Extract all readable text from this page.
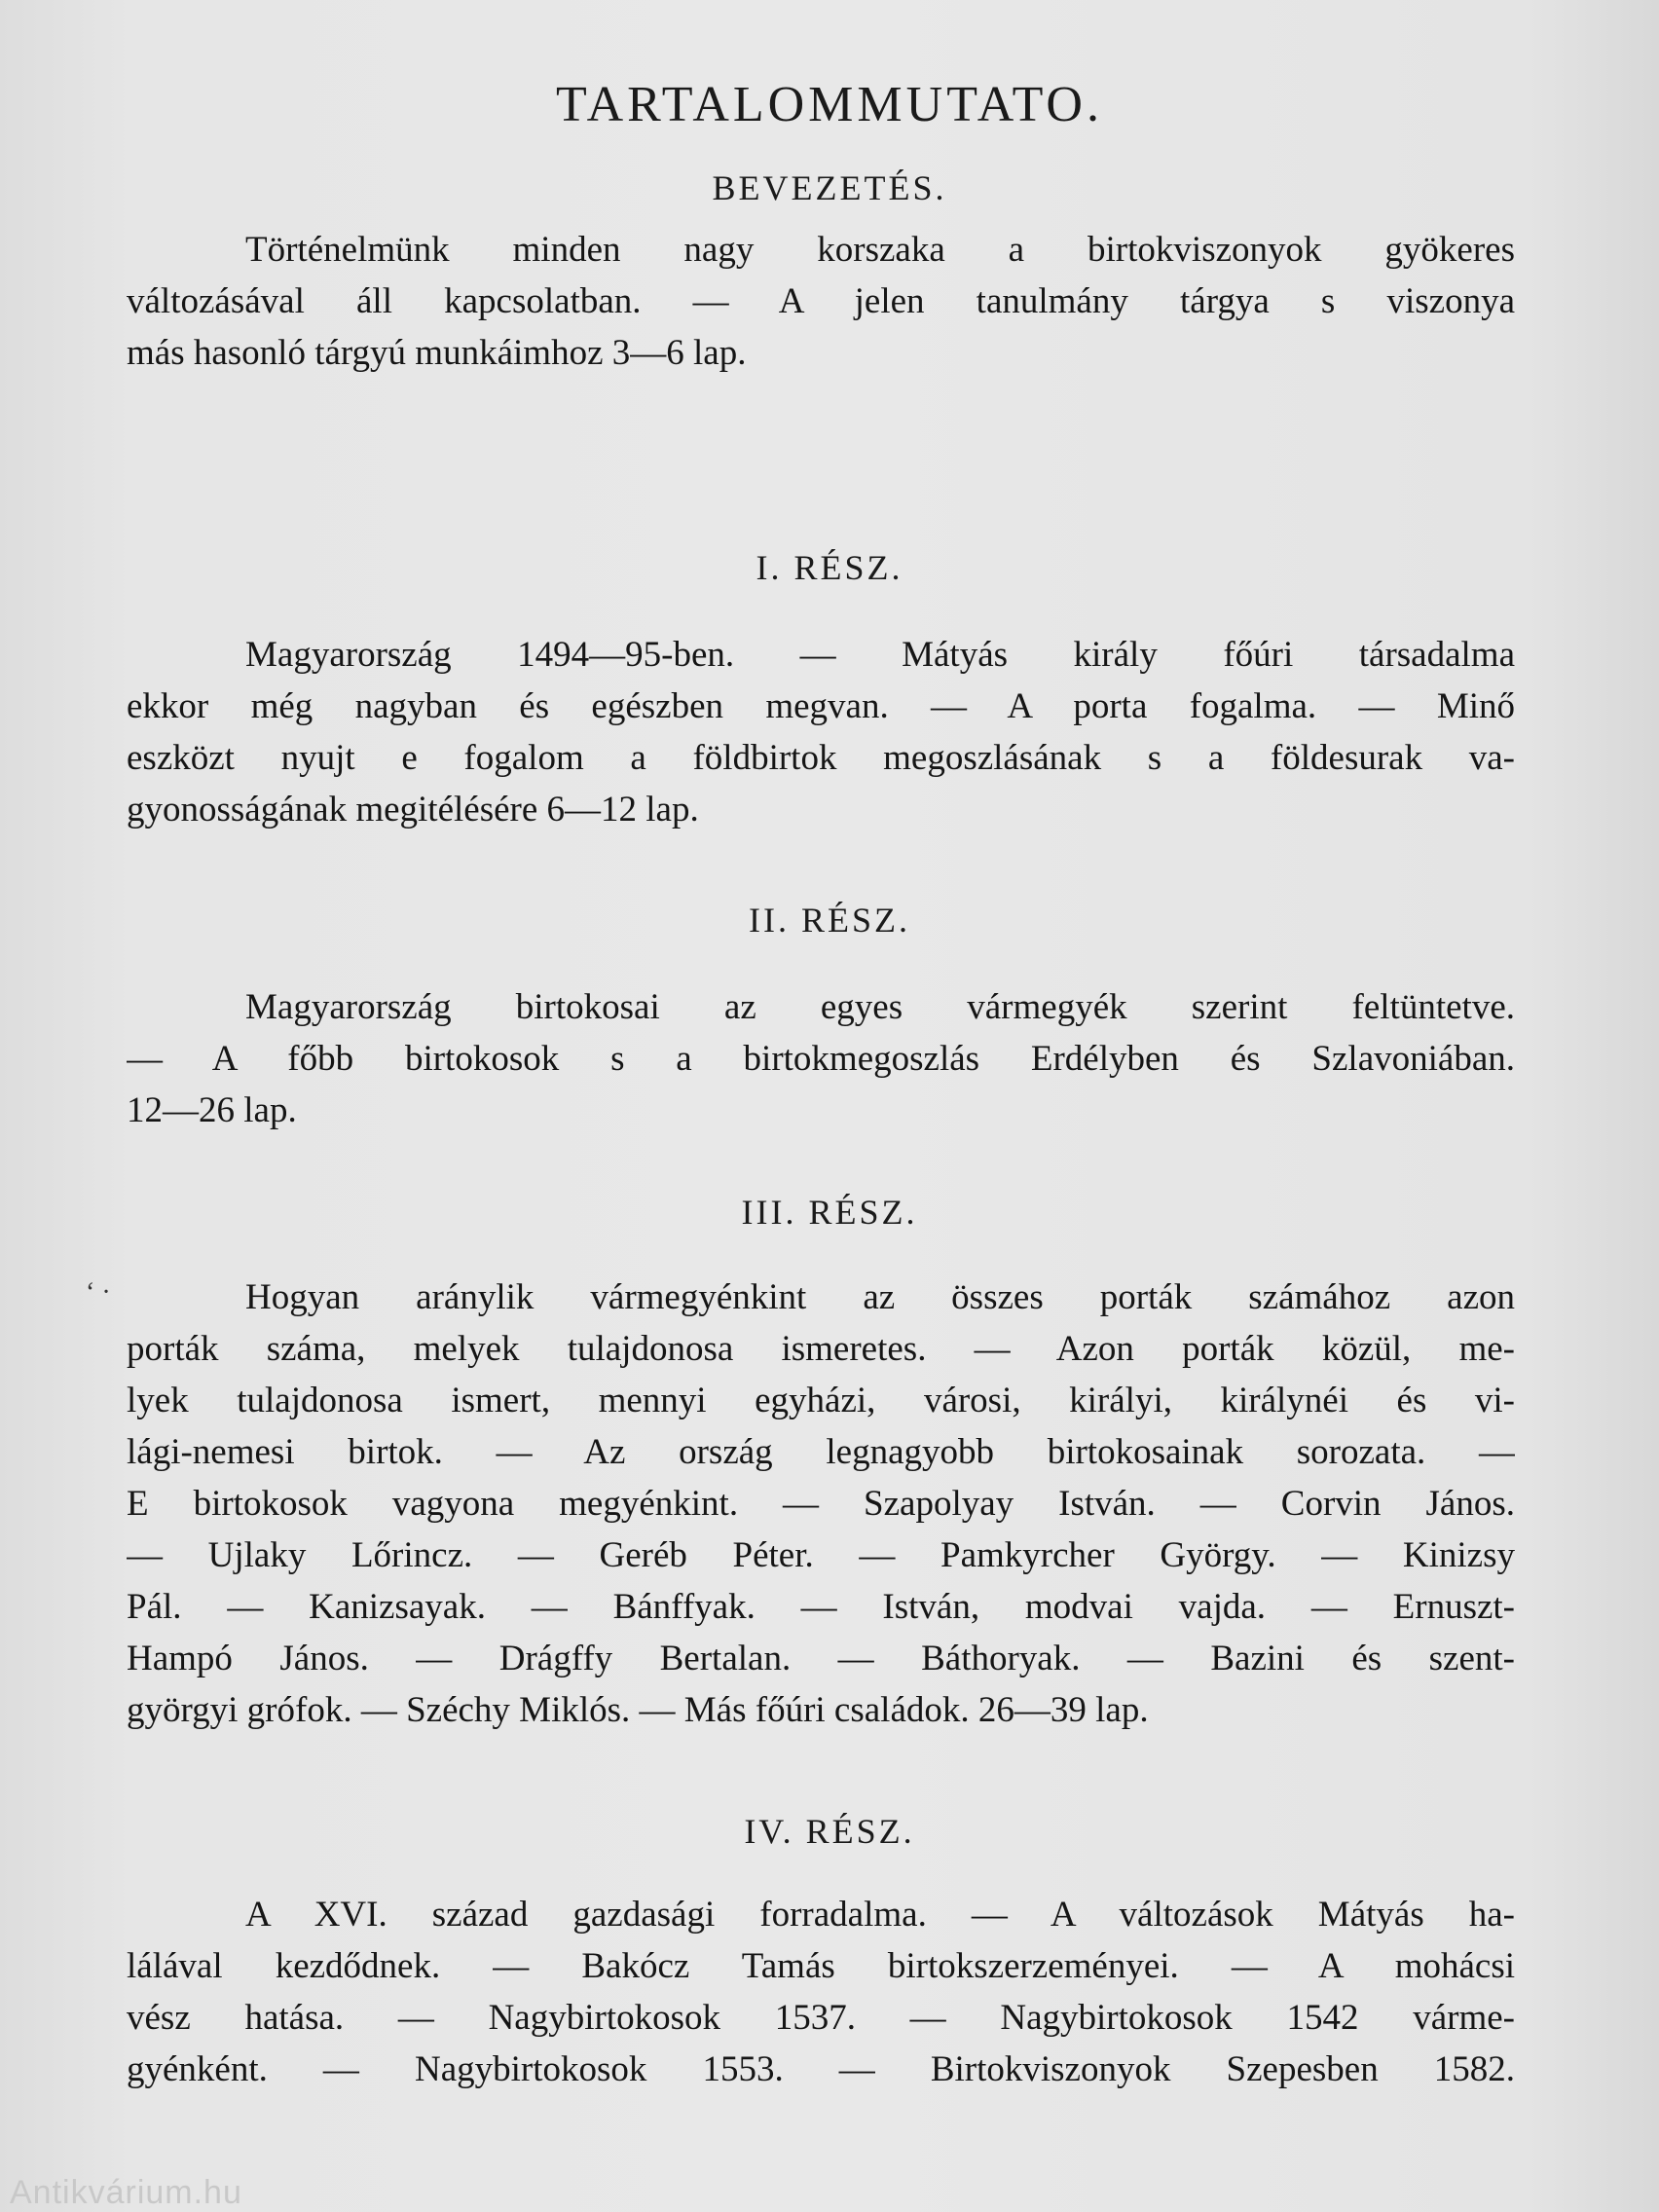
TARTALOMMUTATO.
BEVEZETÉS.

Történelmünk minden nagy korszaka a birtokviszonyok gyökeres
változásával áll kapcsolatban. — A jelen tanulmány tárgya s viszonya
más hasonló tárgyú munkáimhoz 3—6 lap.

I. RÉSZ.

Magyarország 1494—95-ben. — Mátyás király főúri társadalma
ekkor még nagyban és egészben megvan. — A porta fogalma. — Minő
eszközt nyujt e fogalom a földbirtok megoszlásának s a földesurak va-
gyonosságának megitélésére 6—12 lap.

II. RÉSZ.

Magyarország birtokosai az egyes vármegyék szerint feltüntetve.
— A főbb birtokosok s a birtokmegoszlás Erdélyben és Szlavoniában.
12—26 lap.

III. RÉSZ.
‘ ·	Hogyan aránylik vármegyénkint az összes porták számához azon
porták száma, melyek tulajdonosa ismeretes. — Azon porták közül, me-
lyek tulajdonosa ismert, mennyi egyházi, városi, királyi, királynéi és vi-
lági-nemesi birtok. — Az ország legnagyobb birtokosainak sorozata. —
E birtokosok vagyona megyénkint. — Szapolyay István. — Corvin János.
— Ujlaky Lőrincz. — Geréb Péter. — Pamkyrcher György. — Kinizsy
Pál. — Kanizsayak. — Bánffyak. — István, modvai vajda. — Ernuszt-
Hampó János. — Drágffy Bertalan. — Báthoryak. — Bazini és szent-
györgyi grófok. — Széchy Miklós. — Más főúri családok. 26—39 lap.

IV. RÉSZ.

A XVI. század gazdasági forradalma. — A változások Mátyás ha-
lálával kezdődnek. — Bakócz Tamás birtokszerzeményei. — A mohácsi
vész hatása. — Nagybirtokosok 1537. — Nagybirtokosok 1542 várme-
gyénként. — Nagybirtokosok 1553. — Birtokviszonyok Szepesben 1582.

Antikvárium.hu
